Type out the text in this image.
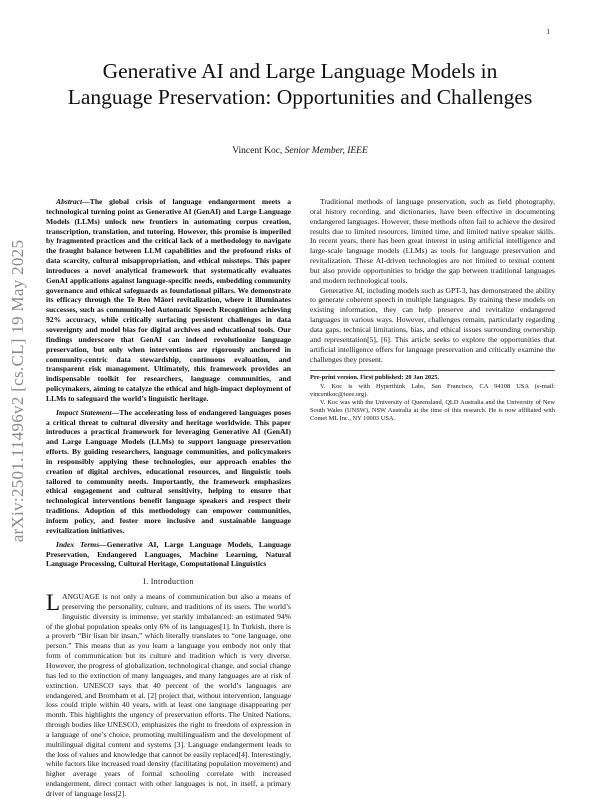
1
arXiv:2501.11496v2 [cs.CL] 19 May 2025
Generative AI and Large Language Models in Language Preservation: Opportunities and Challenges
Vincent Koc, Senior Member, IEEE

Abstract—The global crisis of language endangerment meets a technological turning point as Generative AI (GenAI) and Large Language Models (LLMs) unlock new frontiers in automating corpus creation, transcription, translation, and tutoring. However, this promise is imperiled by fragmented practices and the critical lack of a methodology to navigate the fraught balance between LLM capabilities and the profound risks of data scarcity, cultural misappropriation, and ethical missteps. This paper introduces a novel analytical framework that systematically evaluates GenAI applications against language-specific needs, embedding community governance and ethical safeguards as foundational pillars. We demonstrate its efficacy through the Te Reo Māori revitalization, where it illuminates successes, such as community-led Automatic Speech Recognition achieving 92% accuracy, while critically surfacing persistent challenges in data sovereignty and model bias for digital archives and educational tools. Our findings underscore that GenAI can indeed revolutionize language preservation, but only when interventions are rigorously anchored in community-centric data stewardship, continuous evaluation, and transparent risk management. Ultimately, this framework provides an indispensable toolkit for researchers, language communities, and policymakers, aiming to catalyze the ethical and high-impact deployment of LLMs to safeguard the world’s linguistic heritage.

Impact Statement—The accelerating loss of endangered languages poses a critical threat to cultural diversity and heritage worldwide. This paper introduces a practical framework for leveraging Generative AI (GenAI) and Large Language Models (LLMs) to support language preservation efforts. By guiding researchers, language communities, and policymakers in responsibly applying these technologies, our approach enables the creation of digital archives, educational resources, and linguistic tools tailored to community needs. Importantly, the framework emphasizes ethical engagement and cultural sensitivity, helping to ensure that technological interventions benefit language speakers and respect their traditions. Adoption of this methodology can empower communities, inform policy, and foster more inclusive and sustainable language revitalization initiatives.

Index Terms—Generative AI, Large Language Models, Language Preservation, Endangered Languages, Machine Learning, Natural Language Processing, Cultural Heritage, Computational Linguistics

I. Introduction

LANGUAGE is not only a means of communication but also a means of preserving the personality, culture, and traditions of its users. The world’s linguistic diversity is immense, yet starkly imbalanced: an estimated 94% of the global population speaks only 6% of its languages[1]. In Turkish, there is a proverb “Bir lisan bir insan,” which literally translates to “one language, one person.” This means that as you learn a language you embody not only that form of communication but its culture and tradition which is very diverse. However, the progress of globalization, technological change, and social change has led to the extinction of many languages, and many languages are at risk of extinction. UNESCO says that 40 percent of the world’s languages are endangered, and Bromham et al. [2] project that, without intervention, language loss could triple within 40 years, with at least one language disappearing per month. This highlights the urgency of preservation efforts. The United Nations, through bodies like UNESCO, emphasizes the right to freedom of expression in a language of one’s choice, promoting multilingualism and the development of multilingual digital content and systems [3]. Language endangerment leads to the loss of values and knowledge that cannot be easily replaced[4]. Interestingly, while factors like increased road density (facilitating population movement) and higher average years of formal schooling correlate with increased endangerment, direct contact with other languages is not, in itself, a primary driver of language loss[2].

Traditional methods of language preservation, such as field photography, oral history recording, and dictionaries, have been effective in documenting endangered languages. However, these methods often fail to achieve the desired results due to limited resources, limited time, and limited native speaker skills. In recent years, there has been great interest in using artificial intelligence and large-scale language models (LLMs) as tools for language preservation and revitalization. These AI-driven technologies are not limited to textual content but also provide opportunities to bridge the gap between traditional languages and modern technological tools.

Generative AI, including models such as GPT-3, has demonstrated the ability to generate coherent speech in multiple languages. By training these models on existing information, they can help preserve and revitalize endangered languages in various ways. However, challenges remain, particularly regarding data gaps, technical limitations, bias, and ethical issues surrounding ownership and representation[5], [6]. This article seeks to explore the opportunities that artificial intelligence offers for language preservation and critically examine the challenges they present.

Pre-print version. First published: 20 Jan 2025.

V. Koc is with Hyperthink Labs, San Francisco, CA 94108 USA (e-mail: vincentkoc@ieee.org).

V. Koc was with the University of Queensland, QLD Australia and the University of New South Wales (UNSW), NSW Australia at the time of this research. He is now affiliated with Comet ML Inc., NY 10003 USA.
